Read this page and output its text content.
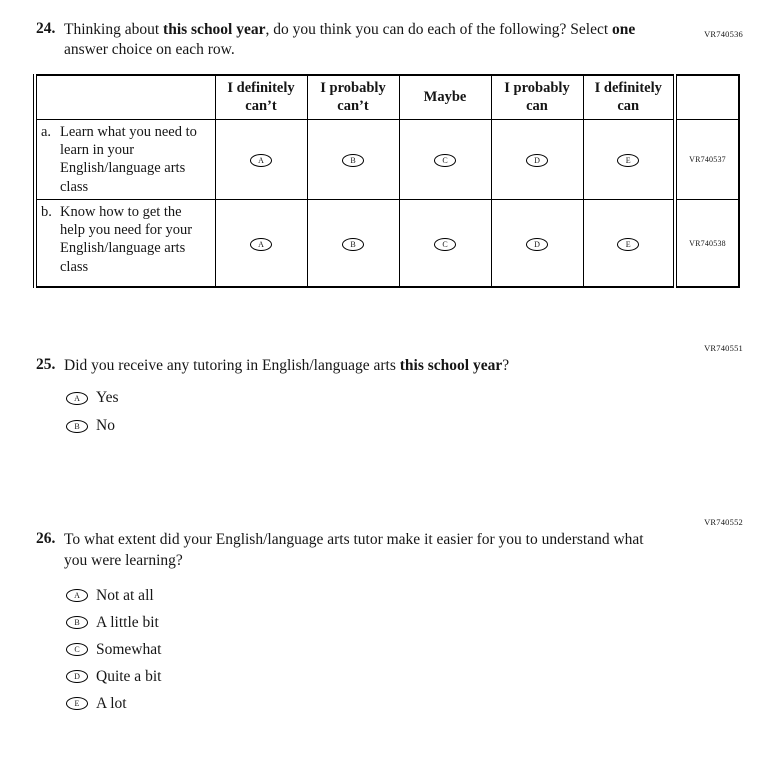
VR740536
24. Thinking about this school year, do you think you can do each of the following? Select one answer choice on each row.
	I definitely can’t	I probably can’t	Maybe	I probably can	I definitely can	

a. Learn what you need to learn in your English/language arts class	A	B	C	D	E	VR740537

b. Know how to get the help you need for your English/language arts class	A	B	C	D	E	VR740538
VR740551
25. Did you receive any tutoring in English/language arts this school year?
A	Yes
B	No
VR740552
26. To what extent did your English/language arts tutor make it easier for you to understand what you were learning?
A	Not at all
B	A little bit
C	Somewhat
D	Quite a bit
E	A lot
